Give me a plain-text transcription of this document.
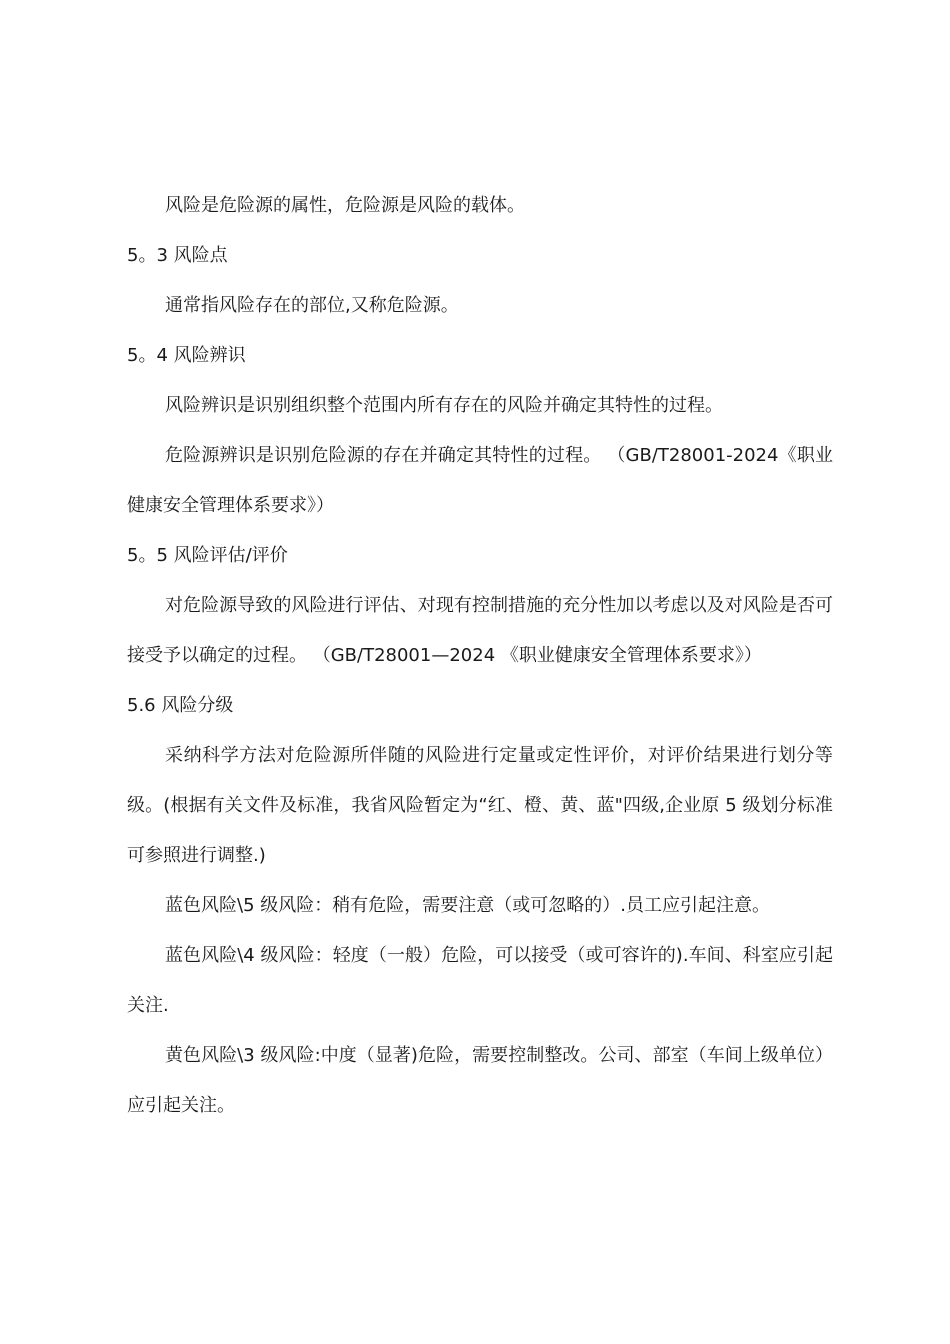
风险是危险源的属性，危险源是风险的载体。

5。3 风险点

通常指风险存在的部位,又称危险源。

5。4 风险辨识

风险辨识是识别组织整个范围内所有存在的风险并确定其特性的过程。

危险源辨识是识别危险源的存在并确定其特性的过程。 （GB/T28001-2024《职业健康安全管理体系要求》）

5。5 风险评估/评价

对危险源导致的风险进行评估、对现有控制措施的充分性加以考虑以及对风险是否可接受予以确定的过程。 （GB/T28001—2024 《职业健康安全管理体系要求》）

5.6 风险分级

采纳科学方法对危险源所伴随的风险进行定量或定性评价，对评价结果进行划分等级。(根据有关文件及标准，我省风险暂定为“红、橙、黄、蓝"四级,企业原 5 级划分标准可参照进行调整.)

蓝色风险\5 级风险：稍有危险，需要注意（或可忽略的）.员工应引起注意。

蓝色风险\4 级风险：轻度（一般）危险，可以接受（或可容许的).车间、科室应引起关注.

黄色风险\3 级风险:中度（显著)危险，需要控制整改。公司、部室（车间上级单位）应引起关注。
